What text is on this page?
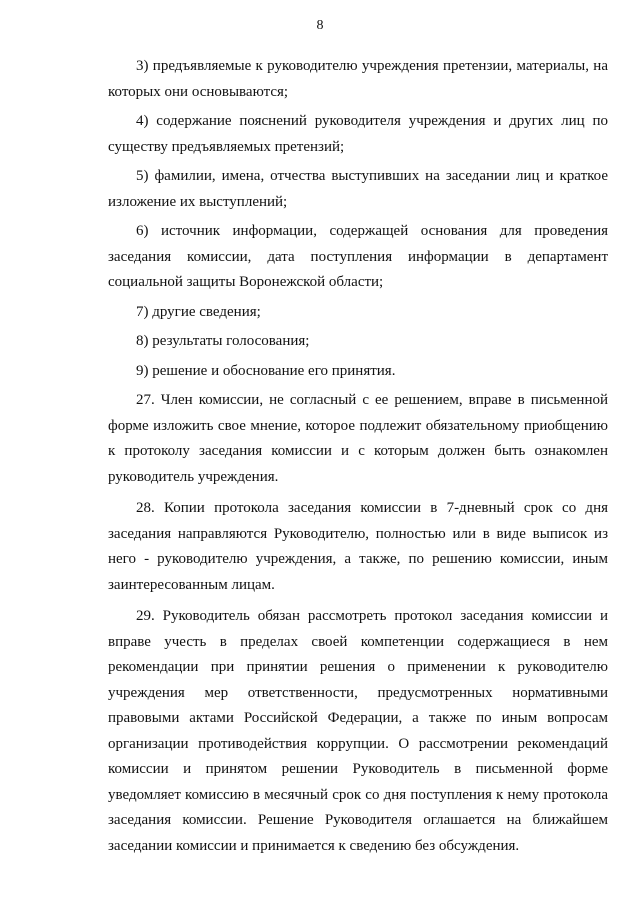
8

3) предъявляемые к руководителю учреждения претензии, материалы, на которых они основываются;

4) содержание пояснений руководителя учреждения и других лиц по существу предъявляемых претензий;

5) фамилии, имена, отчества выступивших на заседании лиц и краткое изложение их выступлений;

6) источник информации, содержащей основания для проведения заседания комиссии, дата поступления информации в департамент социальной защиты Воронежской области;

7) другие сведения;

8) результаты голосования;

9) решение и обоснование его принятия.

27. Член комиссии, не согласный с ее решением, вправе в письменной форме изложить свое мнение, которое подлежит обязательному приобщению к протоколу заседания комиссии и с которым должен быть ознакомлен руководитель учреждения.

28. Копии протокола заседания комиссии в 7-дневный срок со дня заседания направляются Руководителю, полностью или в виде выписок из него - руководителю учреждения, а также, по решению комиссии, иным заинтересованным лицам.

29. Руководитель обязан рассмотреть протокол заседания комиссии и вправе учесть в пределах своей компетенции содержащиеся в нем рекомендации при принятии решения о применении к руководителю учреждения мер ответственности, предусмотренных нормативными правовыми актами Российской Федерации, а также по иным вопросам организации противодействия коррупции. О рассмотрении рекомендаций комиссии и принятом решении Руководитель в письменной форме уведомляет комиссию в месячный срок со дня поступления к нему протокола заседания комиссии. Решение Руководителя оглашается на ближайшем заседании комиссии и принимается к сведению без обсуждения.
